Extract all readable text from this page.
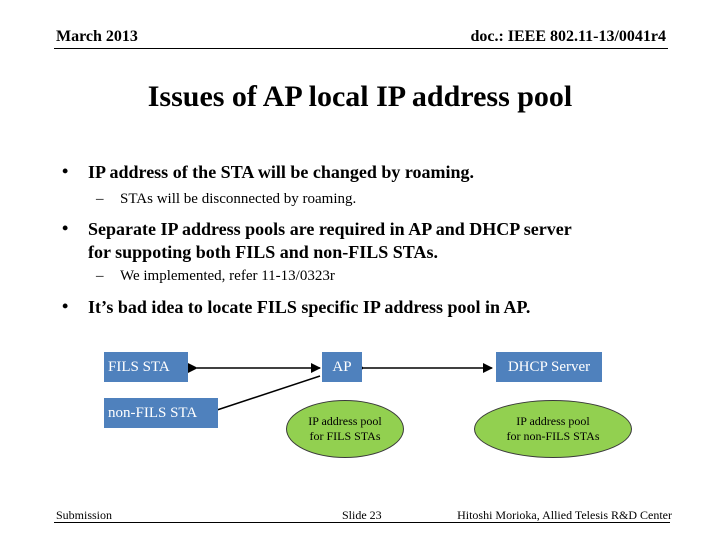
March 2013	doc.: IEEE 802.11-13/0041r4
Issues of AP local IP address pool
• IP address of the STA will be changed by roaming.
– STAs will be disconnected by roaming.
• Separate IP address pools are required in AP and DHCP server
for suppoting both FILS and non-FILS STAs.
– We implemented, refer 11-13/0323r
• It’s bad idea to locate FILS specific IP address pool in AP.
FILS STA
non-FILS STA
AP	DHCP Server
IP address pool
for FILS STAs
IP address pool
for non-FILS STAs
Submission	Slide 23	Hitoshi Morioka, Allied Telesis R&D Center
